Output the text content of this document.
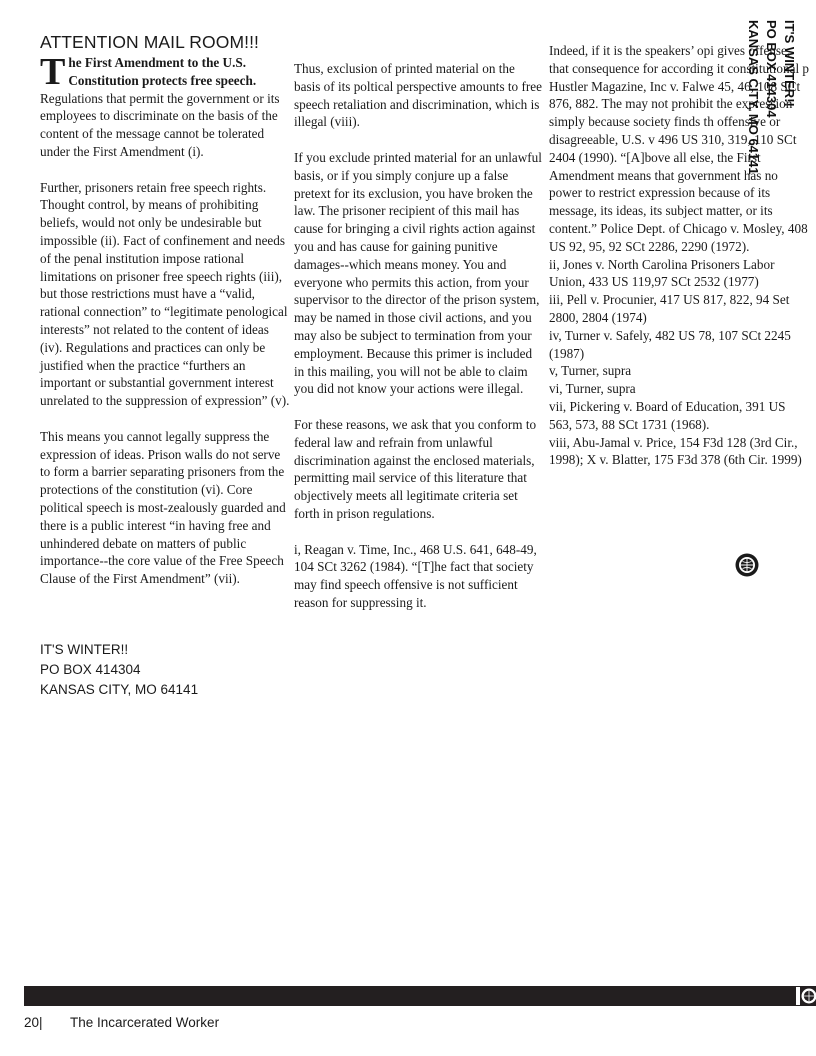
ATTENTION MAIL ROOM!!!
T he First Amendment to the U.S.
Constitution protects free speech.

Regulations that permit the government or its employees to discriminate on the basis of the content of the message cannot be tolerated under the First Amendment (i).

Further, prisoners retain free speech rights. Thought control, by means of prohibiting beliefs, would not only be undesirable but impossible (ii). Fact of confinement and needs of the penal institution impose rational limitations on prisoner free speech rights (iii), but those restrictions must have a “valid, rational connection” to “legitimate penological interests” not related to the content of ideas (iv). Regulations and practices can only be justified when the practice “furthers an important or substantial government interest unrelated to the suppression of expression” (v).

This means you cannot legally suppress the expression of ideas. Prison walls do not serve to form a barrier separating prisoners from the protections of the constitution (vi). Core political speech is most-zealously guarded and there is a public interest “in having free and unhindered debate on matters of public importance--the core value of the Free Speech Clause of the First Amendment” (vii).

Thus, exclusion of printed material on the basis of its poltical perspective amounts to free speech retaliation and discrimination, which is illegal (viii).

If you exclude printed material for an unlawful basis, or if you simply conjure up a false pretext for its exclusion, you have broken the law. The prisoner recipient of this mail has cause for bringing a civil rights action against you and has cause for gaining punitive damages--which means money. You and everyone who permits this action, from your supervisor to the director of the prison system, may be named in those civil actions, and you may also be subject to termination from your employment. Because this primer is included in this mailing, you will not be able to claim you did not know your actions were illegal.

For these reasons, we ask that you conform to federal law and refrain from unlawful discrimination against the enclosed materials, permitting mail service of this literature that objectively meets all legitimate criteria set forth in prison regulations.

i, Reagan v. Time, Inc., 468 U.S. 641, 648-49, 104 SCt 3262 (1984). “[T]he fact that society may find speech offensive is not sufficient reason for suppressing it.

Indeed, if it is the speakers’ opi gives offense, that consequence for according it constitutional p Hustler Magazine, Inc v. Falwe 45, 46, 108 SCt 876, 882. The may not prohibit the expression simply because society finds th offensive or disagreeable, U.S. v 496 US 310, 319, 110 SCt 2404 (1990). “[A]bove all else, the First Amendment means that government has no power to restrict expression because of its message, its ideas, its subject matter, or its content.” Police Dept. of Chicago v. Mosley, 408 US 92, 95, 92 SCt 2286, 2290 (1972).
ii, Jones v. North Carolina Prisoners Labor Union, 433 US 119,97 SCt 2532 (1977)
iii, Pell v. Procunier, 417 US 817, 822, 94 Set 2800, 2804 (1974)
iv, Turner v. Safely, 482 US 78, 107 SCt 2245 (1987)
v, Turner, supra
vi, Turner, supra
vii, Pickering v. Board of Education, 391 US 563, 573, 88 SCt 1731 (1968).
viii, Abu-Jamal v. Price, 154 F3d 128 (3rd Cir., 1998); X v. Blatter, 175 F3d 378 (6th Cir. 1999)
IT'S WINTER!!
PO BOX 414304
KANSAS CITY, MO 64141
IT'S WINTER!!
PO BOX 414304
KANSAS CITY, MO 64141
20| The Incarcerated Worker
